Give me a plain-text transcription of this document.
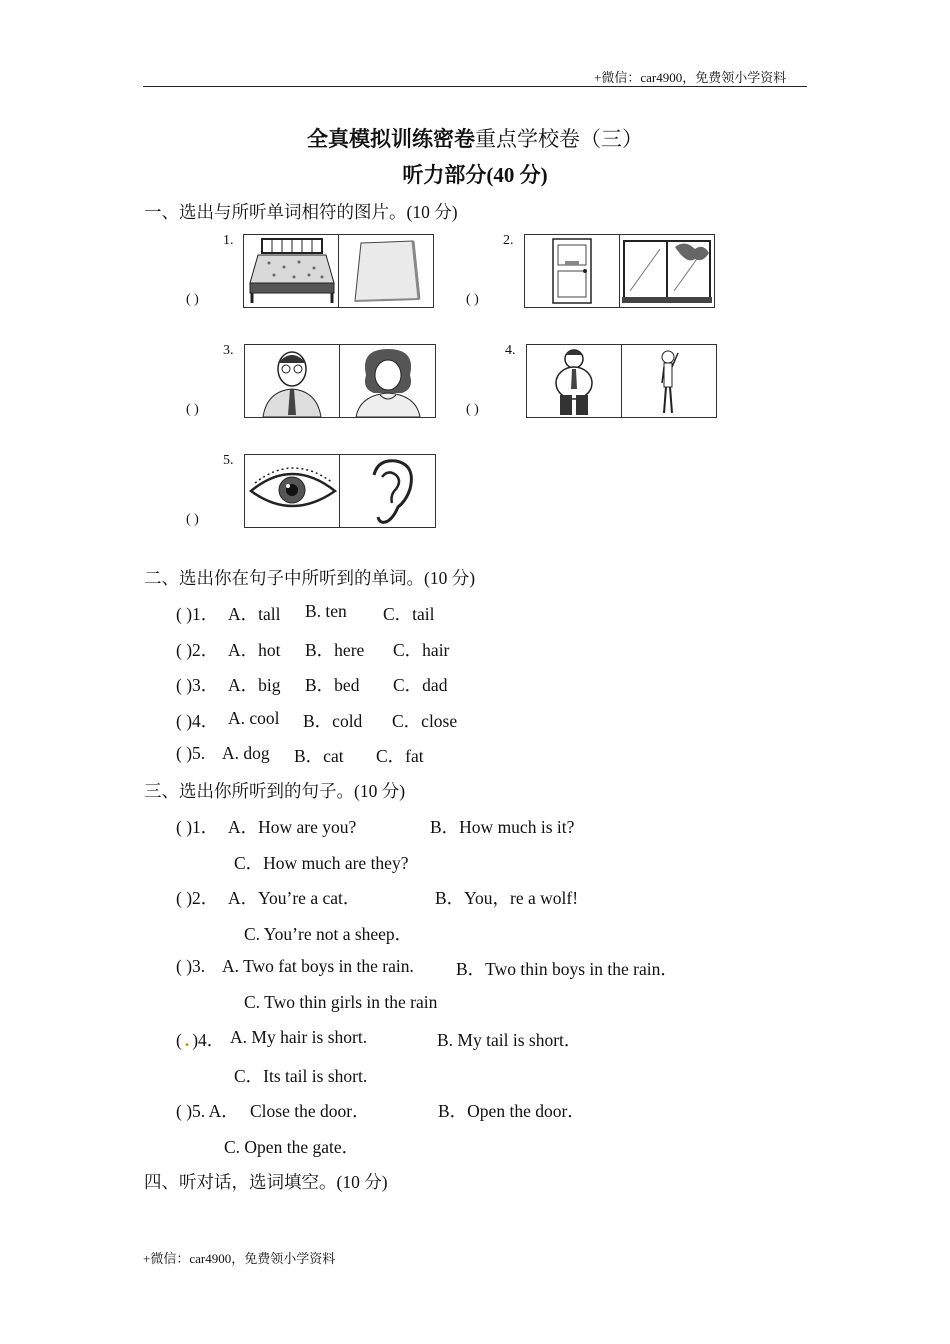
+微信：car4900，免费领小学资料
全真模拟训练密卷重点学校卷（三）
听力部分(40 分)
一、选出与所听单词相符的图片。(10 分)
1.
( )
2.
( )
3.
( )
4.
( )
5.
( )
二、选出你在句子中所听到的单词。(10 分)
( )1． A．tall B. ten C．tail
( )2． A．hot B．here C．hair
( )3． A．big B．bed C．dad
( )4． A. cool B．cold C．close
( )5. A. dog B．cat C．fat
三、选出你所听到的句子。(10 分)
( )1． A．How are you?	B．How much is it?
C．How much are they?
( )2． A．You’re a cat．	B．You，re a wolf!
C. You’re not a sheep．
( )3. A. Two fat boys in the rain. B．Two thin boys in the rain．
C. Two thin girls in the rain
( . )4． A. My hair is short.	B. My tail is short．
C．Its tail is short.
( )5. A． Close the door．	B．Open the door．
C. Open the gate．
四、听对话，选词填空。(10 分)
+微信：car4900，免费领小学资料
